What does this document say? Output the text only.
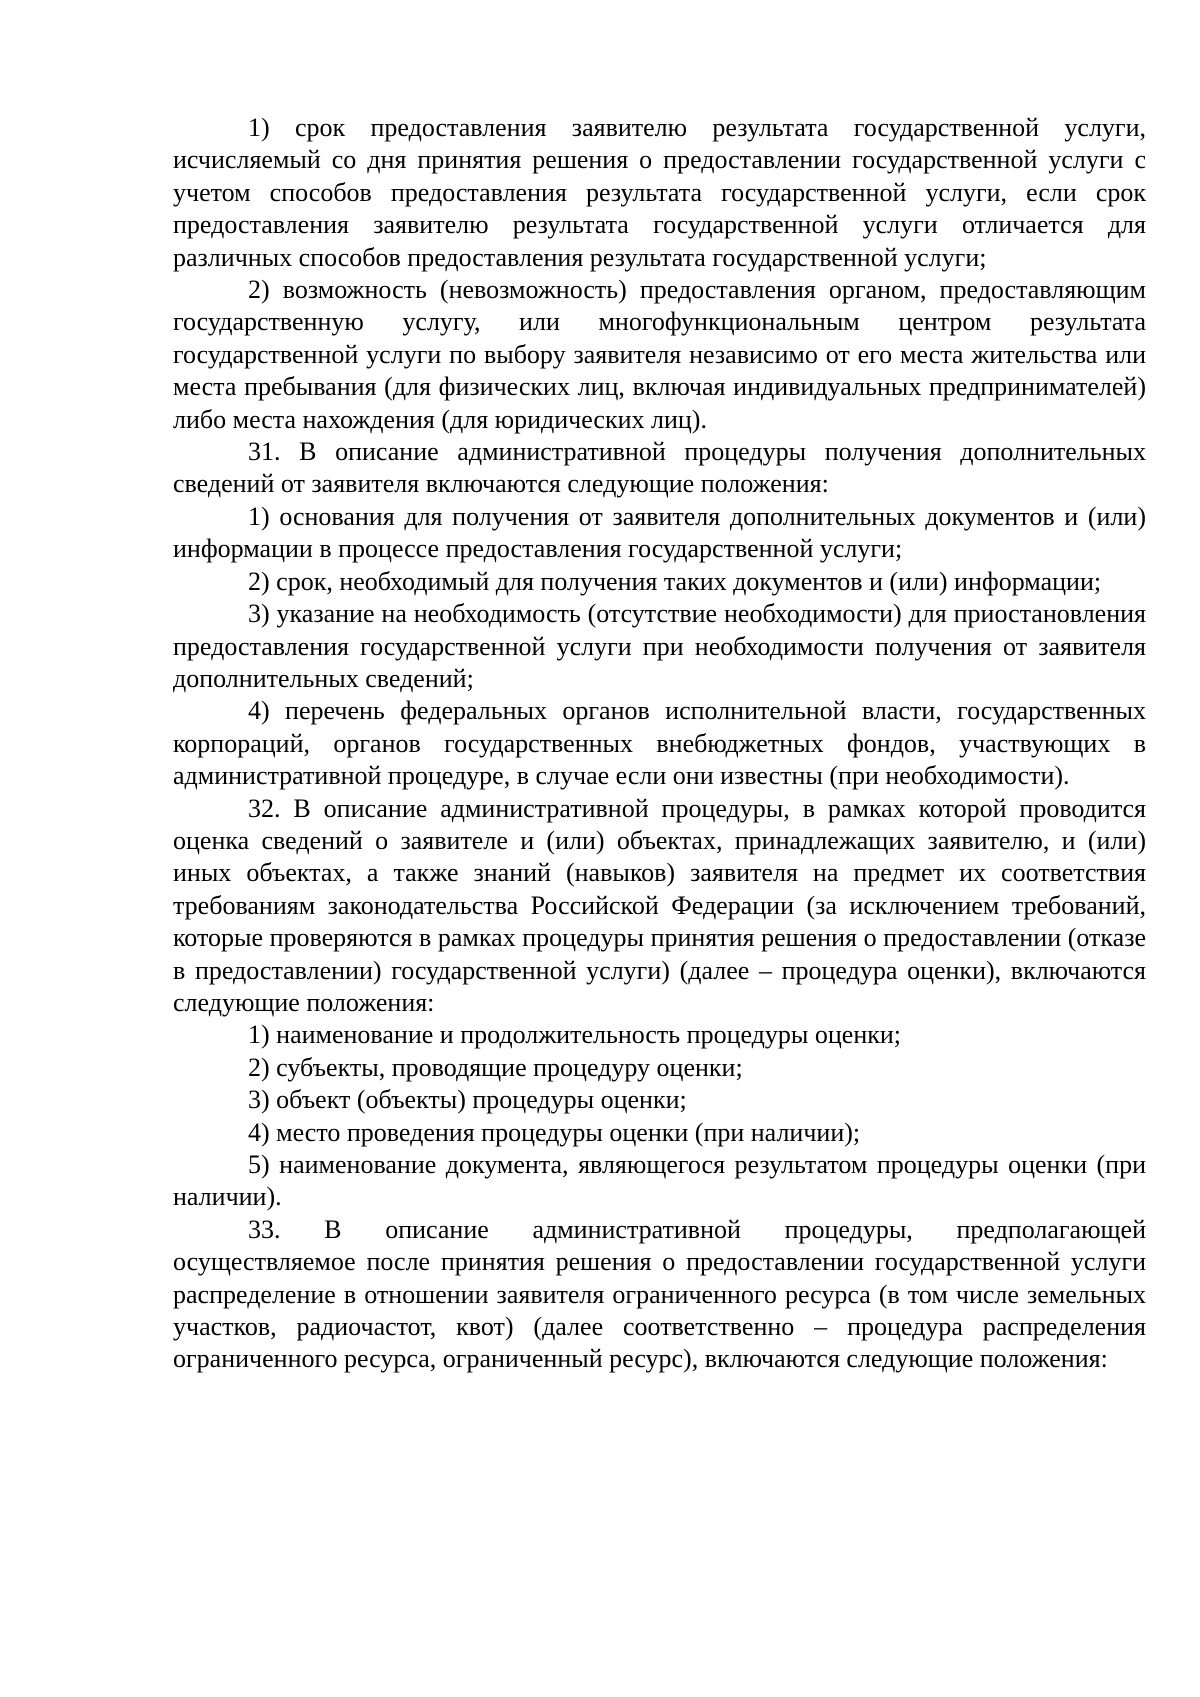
1) срок предоставления заявителю результата государственной услуги, исчисляемый со дня принятия решения о предоставлении государственной услуги с учетом способов предоставления результата государственной услуги, если срок предоставления заявителю результата государственной услуги отличается для различных способов предоставления результата государственной услуги;

2) возможность (невозможность) предоставления органом, предоставляющим государственную услугу, или многофункциональным центром результата государственной услуги по выбору заявителя независимо от его места жительства или места пребывания (для физических лиц, включая индивидуальных предпринимателей) либо места нахождения (для юридических лиц).

31. В описание административной процедуры получения дополнительных сведений от заявителя включаются следующие положения:

1) основания для получения от заявителя дополнительных документов и (или) информации в процессе предоставления государственной услуги;

2) срок, необходимый для получения таких документов и (или) информации;

3) указание на необходимость (отсутствие необходимости) для приостановления предоставления государственной услуги при необходимости получения от заявителя дополнительных сведений;

4) перечень федеральных органов исполнительной власти, государственных корпораций, органов государственных внебюджетных фондов, участвующих в административной процедуре, в случае если они известны (при необходимости).

32. В описание административной процедуры, в рамках которой проводится оценка сведений о заявителе и (или) объектах, принадлежащих заявителю, и (или) иных объектах, а также знаний (навыков) заявителя на предмет их соответствия требованиям законодательства Российской Федерации (за исключением требований, которые проверяются в рамках процедуры принятия решения о предоставлении (отказе в предоставлении) государственной услуги) (далее – процедура оценки), включаются следующие положения:

1) наименование и продолжительность процедуры оценки;

2) субъекты, проводящие процедуру оценки;

3) объект (объекты) процедуры оценки;

4) место проведения процедуры оценки (при наличии);

5) наименование документа, являющегося результатом процедуры оценки (при наличии).

33. В описание административной процедуры, предполагающей осуществляемое после принятия решения о предоставлении государственной услуги распределение в отношении заявителя ограниченного ресурса (в том числе земельных участков, радиочастот, квот) (далее соответственно – процедура распределения ограниченного ресурса, ограниченный ресурс), включаются следующие положения:
